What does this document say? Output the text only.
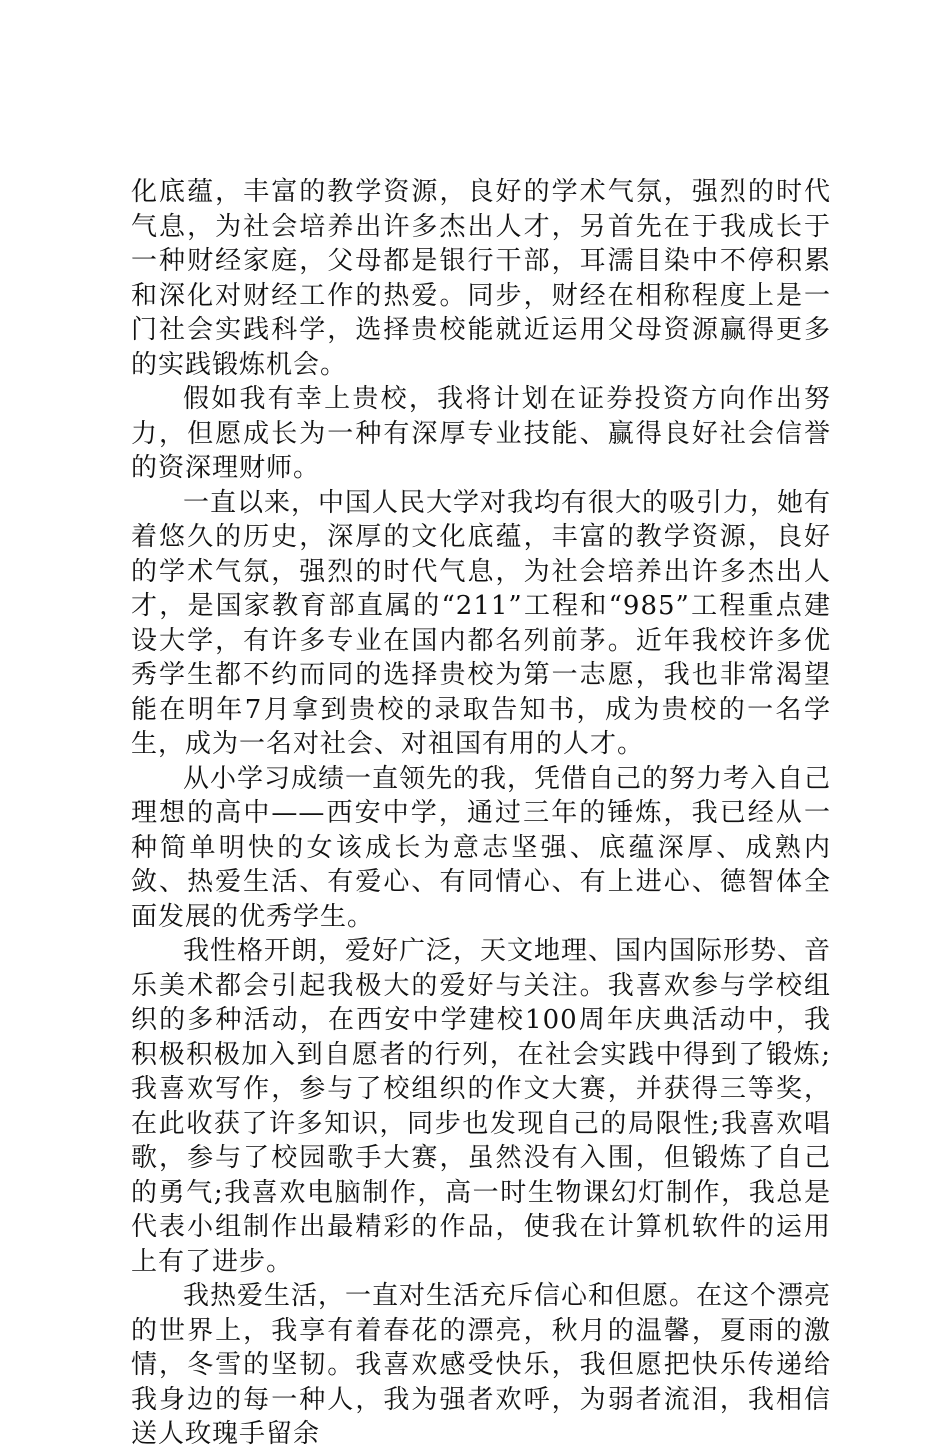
化底蕴，丰富的教学资源，良好的学术气氛，强烈的时代气息，为社会培养出许多杰出人才，另首先在于我成长于一种财经家庭，父母都是银行干部，耳濡目染中不停积累和深化对财经工作的热爱。同步，财经在相称程度上是一门社会实践科学，选择贵校能就近运用父母资源赢得更多的实践锻炼机会。

假如我有幸上贵校，我将计划在证券投资方向作出努力，但愿成长为一种有深厚专业技能、赢得良好社会信誉的资深理财师。

一直以来，中国人民大学对我均有很大的吸引力，她有着悠久的历史，深厚的文化底蕴，丰富的教学资源，良好的学术气氛，强烈的时代气息，为社会培养出许多杰出人才，是国家教育部直属的“211”工程和“985”工程重点建设大学，有许多专业在国内都名列前茅。近年我校许多优秀学生都不约而同的选择贵校为第一志愿，我也非常渴望能在明年7月拿到贵校的录取告知书，成为贵校的一名学生，成为一名对社会、对祖国有用的人才。

从小学习成绩一直领先的我，凭借自己的努力考入自己理想的高中——西安中学，通过三年的锤炼，我已经从一种简单明快的女该成长为意志坚强、底蕴深厚、成熟内敛、热爱生活、有爱心、有同情心、有上进心、德智体全面发展的优秀学生。

我性格开朗，爱好广泛，天文地理、国内国际形势、音乐美术都会引起我极大的爱好与关注。我喜欢参与学校组织的多种活动，在西安中学建校100周年庆典活动中，我积极积极加入到自愿者的行列，在社会实践中得到了锻炼;我喜欢写作，参与了校组织的作文大赛，并获得三等奖，在此收获了许多知识，同步也发现自己的局限性;我喜欢唱歌，参与了校园歌手大赛，虽然没有入围，但锻炼了自己的勇气;我喜欢电脑制作，高一时生物课幻灯制作，我总是代表小组制作出最精彩的作品，使我在计算机软件的运用上有了进步。

我热爱生活，一直对生活充斥信心和但愿。在这个漂亮的世界上，我享有着春花的漂亮，秋月的温馨，夏雨的激情，冬雪的坚韧。我喜欢感受快乐，我但愿把快乐传递给我身边的每一种人，我为强者欢呼，为弱者流泪，我相信送人玫瑰手留余
